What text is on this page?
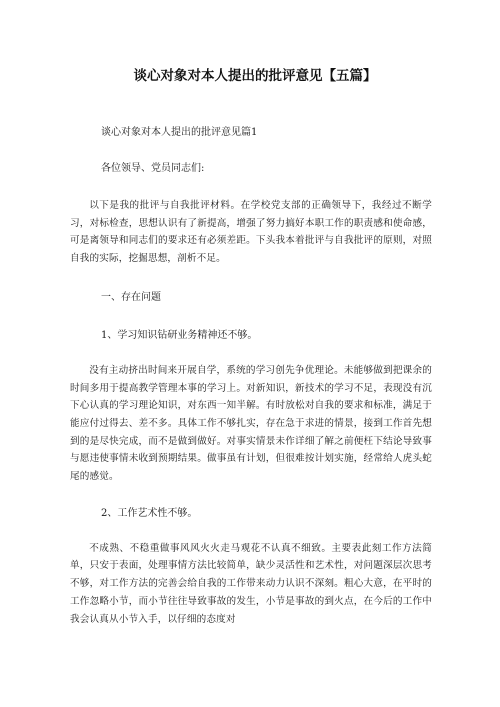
谈心对象对本人提出的批评意见【五篇】
谈心对象对本人提出的批评意见篇1
各位领导、党员同志们:

以下是我的批评与自我批评材料。在学校党支部的正确领导下，我经过不断学习，对标检查，思想认识有了新提高，增强了努力搞好本职工作的职责感和使命感，可是离领导和同志们的要求还有必须差距。下头我本着批评与自我批评的原则，对照自我的实际，挖掘思想，剖析不足。

一、存在问题
1、学习知识钻研业务精神还不够。

没有主动挤出时间来开展自学，系统的学习创先争优理论。未能够做到把课余的时间多用于提高教学管理本事的学习上。对新知识，新技术的学习不足，表现没有沉下心认真的学习理论知识，对东西一知半解。有时放松对自我的要求和标准，满足于能应付过得去、差不多。具体工作不够扎实，存在急于求进的情景，接到工作首先想到的是尽快完成，而不是做到做好。对事实情景未作详细了解之前便枉下结论导致事与愿违使事情未收到预期结果。做事虽有计划，但很难按计划实施，经常给人虎头蛇尾的感觉。

2、工作艺术性不够。

不成熟、不稳重做事风风火火走马观花不认真不细致。主要表此刻工作方法简单，只安于表面，处理事情方法比较简单，缺少灵活性和艺术性，对问题深层次思考不够，对工作方法的完善会给自我的工作带来动力认识不深刻。粗心大意，在平时的工作忽略小节，而小节往往导致事故的发生，小节是事故的到火点，在今后的工作中我会认真从小节入手，以仔细的态度对
